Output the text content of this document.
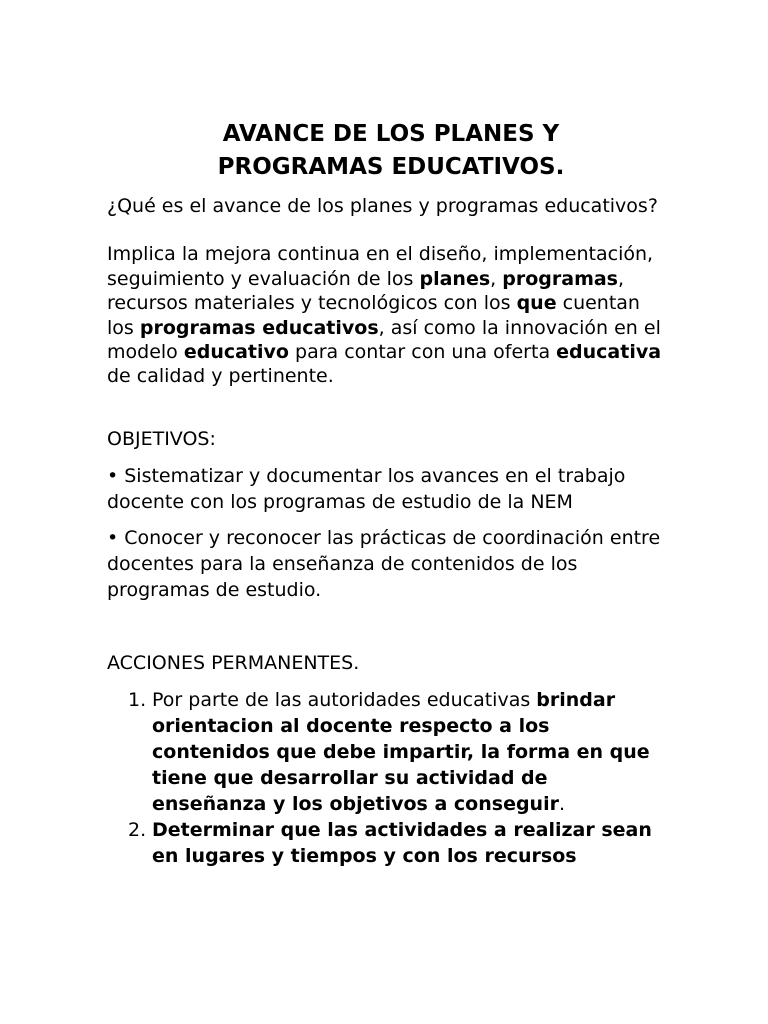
AVANCE DE LOS PLANES Y
PROGRAMAS EDUCATIVOS.

¿Qué es el avance de los planes y programas educativos?

Implica la mejora continua en el diseño, implementación, seguimiento y evaluación de los planes, programas, recursos materiales y tecnológicos con los que cuentan los programas educativos, así como la innovación en el modelo educativo para contar con una oferta educativa de calidad y pertinente.

OBJETIVOS:

• Sistematizar y documentar los avances en el trabajo docente con los programas de estudio de la NEM

• Conocer y reconocer las prácticas de coordinación entre docentes para la enseñanza de contenidos de los programas de estudio.

ACCIONES PERMANENTES.

1. Por parte de las autoridades educativas brindar orientacion al docente respecto a los contenidos que debe impartir, la forma en que tiene que desarrollar su actividad de enseñanza y los objetivos a conseguir.
2. Determinar que las actividades a realizar sean en lugares y tiempos y con los recursos
